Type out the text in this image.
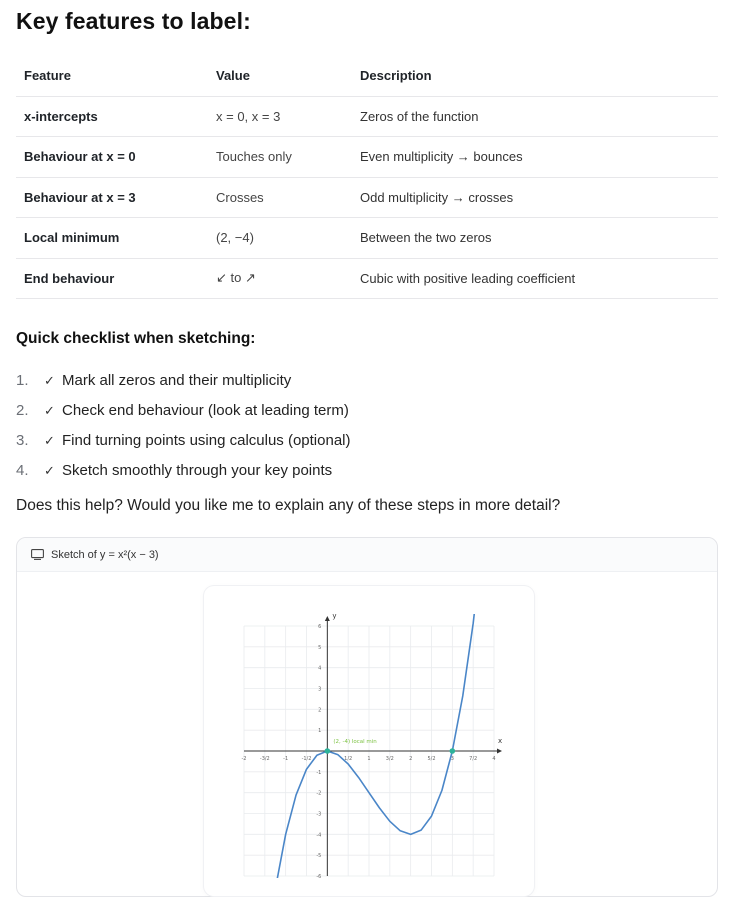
Key features to label:
Feature	Value	Description
x-intercepts	x = 0, x = 3	Zeros of the function
Behaviour at x = 0	Touches only	Even multiplicity → bounces
Behaviour at x = 3	Crosses	Odd multiplicity → crosses
Local minimum	(2, −4)	Between the two zeros
End behaviour	↙ to ↗	Cubic with positive leading coefficient
Quick checklist when sketching:
1.	✓ Mark all zeros and their multiplicity
2.	✓ Check end behaviour (look at leading term)
3.	✓ Find turning points using calculus (optional)
4.	✓ Sketch smoothly through your key points

Does this help? Would you like me to explain any of these steps in more detail?

Sketch of y = x²(x − 3)
x
y
-2	-3/2	-1	-1/2	1/2	1	3/2	2	5/2	3	7/2	4
6
5
4
3
2
1
-1
-2
-3
-4
-5
-6
(2, -4) local min
